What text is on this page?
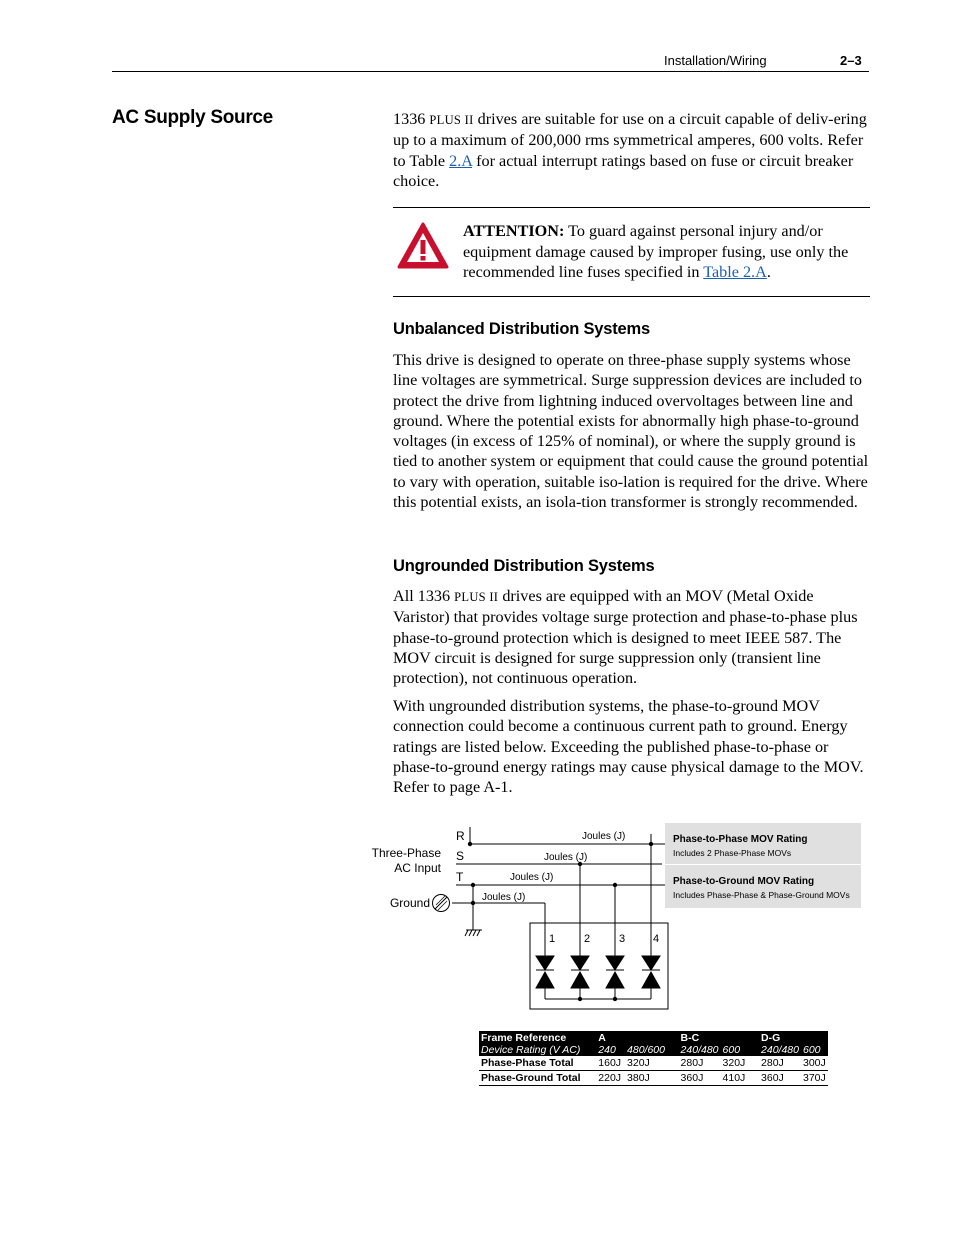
Installation/Wiring	2–3
AC Supply Source	1336 PLUS II drives are suitable for use on a circuit capable of deliv-ering up to a maximum of 200,000 rms symmetrical amperes, 600 volts. Refer to Table 2.A for actual interrupt ratings based on fuse or circuit breaker choice.

ATTENTION: To guard against personal injury and/or equipment damage caused by improper fusing, use only the recommended line fuses specified in Table 2.A.

Unbalanced Distribution Systems

This drive is designed to operate on three-phase supply systems whose line voltages are symmetrical. Surge suppression devices are included to protect the drive from lightning induced overvoltages between line and ground. Where the potential exists for abnormally high phase-to-ground voltages (in excess of 125% of nominal), or where the supply ground is tied to another system or equipment that could cause the ground potential to vary with operation, suitable iso-lation is required for the drive. Where this potential exists, an isola-tion transformer is strongly recommended.

Ungrounded Distribution Systems

All 1336 PLUS II drives are equipped with an MOV (Metal Oxide Varistor) that provides voltage surge protection and phase-to-phase plus phase-to-ground protection which is designed to meet IEEE 587. The MOV circuit is designed for surge suppression only (transient line protection), not continuous operation.

With ungrounded distribution systems, the phase-to-ground MOV connection could become a continuous current path to ground. Energy ratings are listed below. Exceeding the published phase-to-phase or phase-to-ground energy ratings may cause physical damage to the MOV. Refer to page A-1.

Phase-to-Phase MOV Rating
Includes 2 Phase-Phase MOVs
Phase-to-Ground MOV Rating
Includes Phase-Phase & Phase-Ground MOVs
Three-Phase
AC Input
Ground
R
S
T
Joules (J)
Joules (J)
Joules (J)
Joules (J)
1	2	3	4
Frame Reference	A		B-C		D-G	
Device Rating (V AC)	240	480/600	240/480	600	240/480	600
Phase-Phase Total	160J	320J	280J	320J	280J	300J
Phase-Ground Total	220J	380J	360J	410J	360J	370J
